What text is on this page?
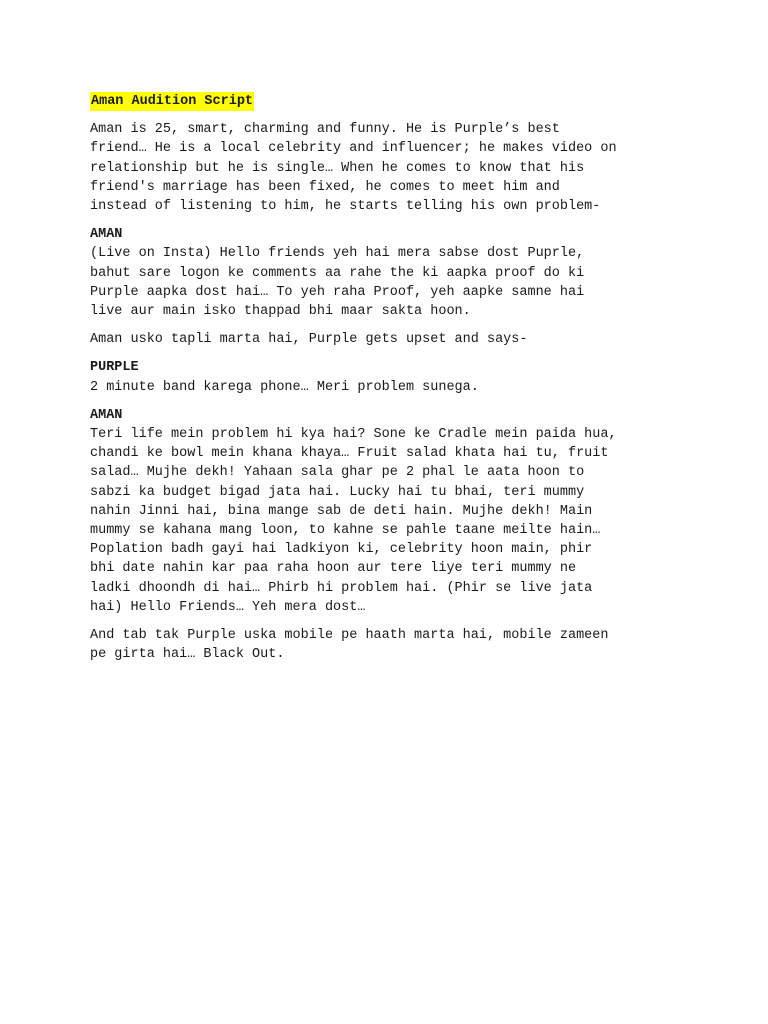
Aman Audition Script
Aman is 25, smart, charming and funny. He is Purple’s best
friend… He is a local celebrity and influencer; he makes video on
relationship but he is single… When he comes to know that his
friend's marriage has been fixed, he comes to meet him and
instead of listening to him, he starts telling his own problem-
AMAN
(Live on Insta) Hello friends yeh hai mera sabse dost Puprle,
bahut sare logon ke comments aa rahe the ki aapka proof do ki
Purple aapka dost hai… To yeh raha Proof, yeh aapke samne hai
live aur main isko thappad bhi maar sakta hoon.
Aman usko tapli marta hai, Purple gets upset and says-
PURPLE
2 minute band karega phone… Meri problem sunega.
AMAN
Teri life mein problem hi kya hai? Sone ke Cradle mein paida hua,
chandi ke bowl mein khana khaya… Fruit salad khata hai tu, fruit
salad… Mujhe dekh! Yahaan sala ghar pe 2 phal le aata hoon to
sabzi ka budget bigad jata hai. Lucky hai tu bhai, teri mummy
nahin Jinni hai, bina mange sab de deti hain. Mujhe dekh! Main
mummy se kahana mang loon, to kahne se pahle taane meilte hain…
Poplation badh gayi hai ladkiyon ki, celebrity hoon main, phir
bhi date nahin kar paa raha hoon aur tere liye teri mummy ne
ladki dhoondh di hai… Phirb hi problem hai. (Phir se live jata
hai) Hello Friends… Yeh mera dost…
And tab tak Purple uska mobile pe haath marta hai, mobile zameen
pe girta hai… Black Out.
